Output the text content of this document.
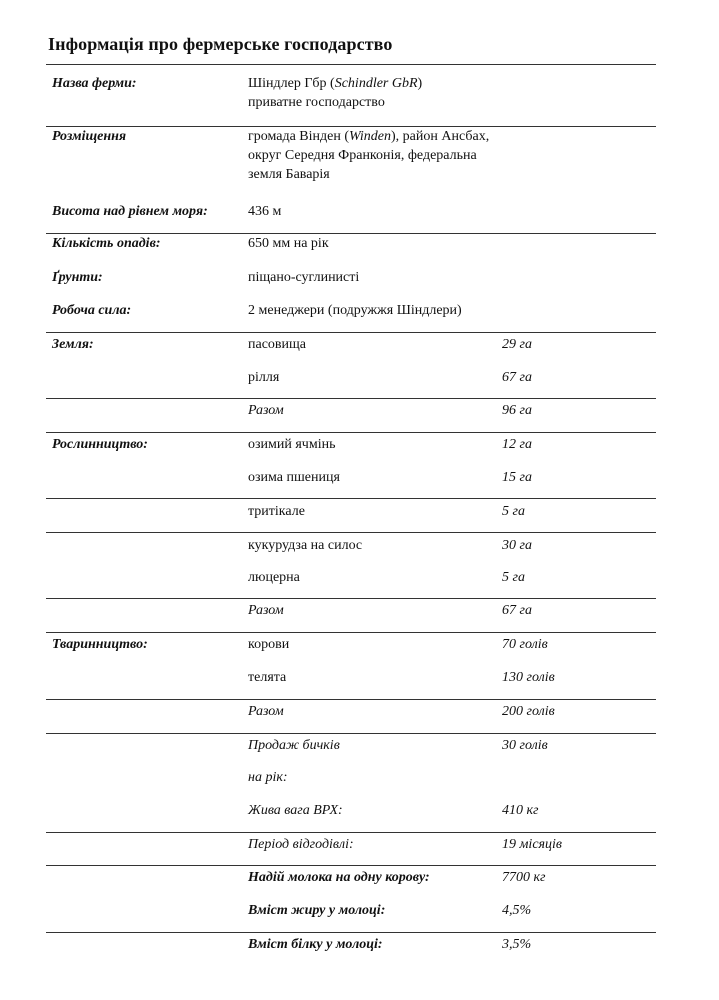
Інформація про фермерське господарство
Назва ферми:	Шіндлер Гбр (Schindler GbR)
приватне господарство
Розміщення	громада Вінден (Winden), район Ансбах, округ Середня Франконія, федеральна земля Баварія
Висота над рівнем моря:	436 м
Кількість опадів:	650 мм на рік
Ґрунти:	піщано-суглинисті
Робоча сила:	2 менеджери (подружжя Шіндлери)
Земля:	пасовища	29 га
рілля	67 га
Разом	96 га
Рослинництво:	озимий ячмінь	12 га
озима пшениця	15 га
тритікале	5 га
кукурудза на силос	30 га
люцерна	5 га
Разом	67 га
Тваринництво:	корови	70 голів
телята	130 голів
Разом	200 голів
Продаж бичків	30 голів
на рік:
Жива вага ВРХ:	410 кг
Період відгодівлі:	19 місяців
Надій молока на одну корову:	7700 кг
Вміст жиру у молоці:	4,5%
Вміст білку у молоці:	3,5%
